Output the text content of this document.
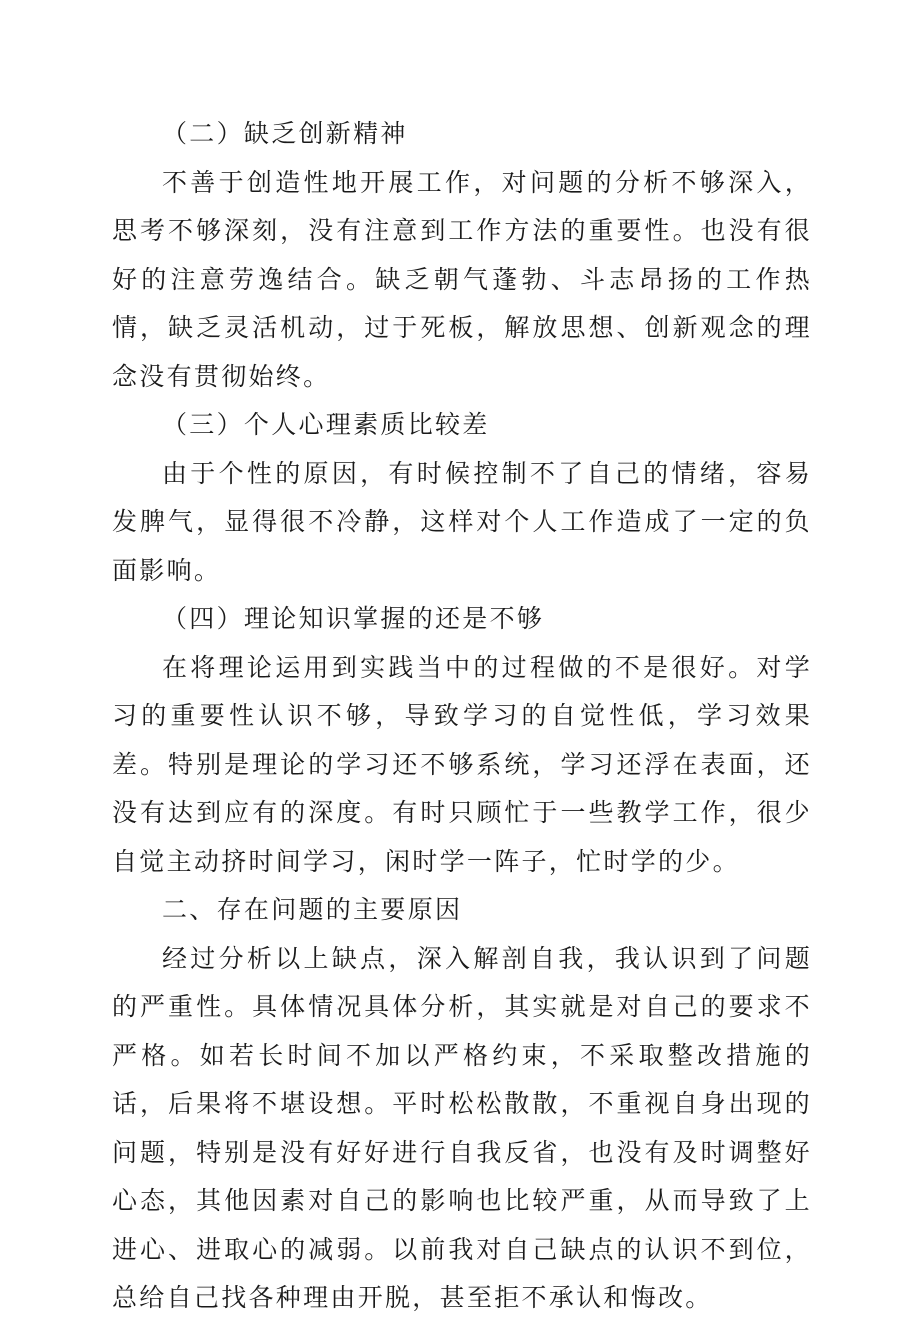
（二）缺乏创新精神

不善于创造性地开展工作，对问题的分析不够深入，思考不够深刻，没有注意到工作方法的重要性。也没有很好的注意劳逸结合。缺乏朝气蓬勃、斗志昂扬的工作热情，缺乏灵活机动，过于死板，解放思想、创新观念的理念没有贯彻始终。

（三）个人心理素质比较差

由于个性的原因，有时候控制不了自己的情绪，容易发脾气，显得很不冷静，这样对个人工作造成了一定的负面影响。

（四）理论知识掌握的还是不够

在将理论运用到实践当中的过程做的不是很好。对学习的重要性认识不够，导致学习的自觉性低，学习效果差。特别是理论的学习还不够系统，学习还浮在表面，还没有达到应有的深度。有时只顾忙于一些教学工作，很少自觉主动挤时间学习，闲时学一阵子，忙时学的少。

二、存在问题的主要原因

经过分析以上缺点，深入解剖自我，我认识到了问题的严重性。具体情况具体分析，其实就是对自己的要求不严格。如若长时间不加以严格约束，不采取整改措施的话，后果将不堪设想。平时松松散散，不重视自身出现的问题，特别是没有好好进行自我反省，也没有及时调整好心态，其他因素对自己的影响也比较严重，从而导致了上进心、进取心的减弱。以前我对自己缺点的认识不到位，总给自己找各种理由开脱，甚至拒不承认和悔改。
